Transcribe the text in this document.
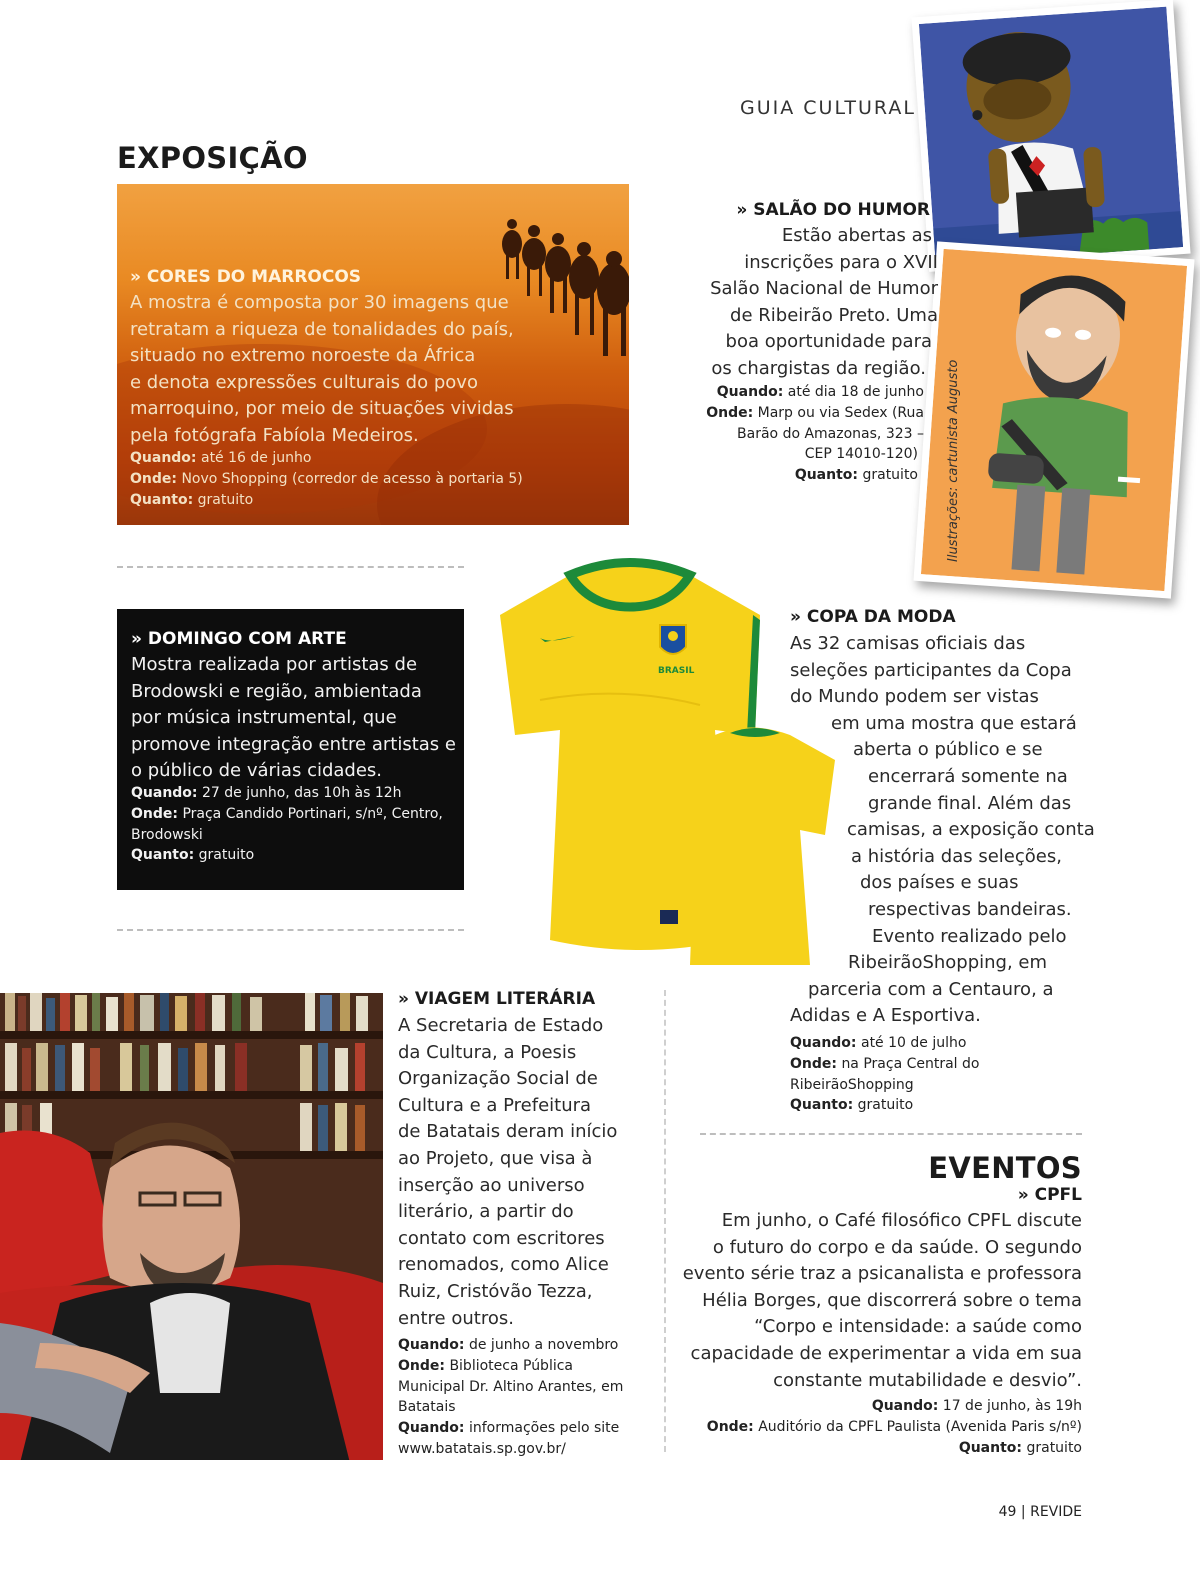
GUIA CULTURAL
EXPOSIÇÃO
Ilustrações: cartunista Augusto
» CORES DO MARROCOS
A mostra é composta por 30 imagens que
retratam a riqueza de tonalidades do país,
situado no extremo noroeste da África
e denota expressões culturais do povo
marroquino, por meio de situações vividas
pela fotógrafa Fabíola Medeiros.
Quando: até 16 de junho
Onde: Novo Shopping (corredor de acesso à portaria 5)
Quanto: gratuito
» SALÃO DO HUMOR
Estão abertas as
inscrições para o XVII
Salão Nacional de Humor
de Ribeirão Preto. Uma
boa oportunidade para
os chargistas da região.
Quando: até dia 18 de junho
Onde: Marp ou via Sedex (Rua
Barão do Amazonas, 323 –
CEP 14010-120)
Quanto: gratuito
» DOMINGO COM ARTE
Mostra realizada por artistas de
Brodowski e região, ambientada
por música instrumental, que
promove integração entre artistas e
o público de várias cidades.
Quando: 27 de junho, das 10h às 12h
Onde: Praça Candido Portinari, s/nº, Centro,
Brodowski
Quanto: gratuito
BRASIL
» COPA DA MODA
As 32 camisas oficiais das
seleções participantes da Copa
do Mundo podem ser vistas
em uma mostra que estará
aberta o público e se
encerrará somente na
grande final. Além das
camisas, a exposição conta
a história das seleções,
dos países e suas
respectivas bandeiras.
Evento realizado pelo
RibeirãoShopping, em
parceria com a Centauro, a
Adidas e A Esportiva.
Quando: até 10 de julho
Onde: na Praça Central do
RibeirãoShopping
Quanto: gratuito
» VIAGEM LITERÁRIA
A Secretaria de Estado
da Cultura, a Poesis
Organização Social de
Cultura e a Prefeitura
de Batatais deram início
ao Projeto, que visa à
inserção ao universo
literário, a partir do
contato com escritores
renomados, como Alice
Ruiz, Cristóvão Tezza,
entre outros.
Quando: de junho a novembro
Onde: Biblioteca Pública
Municipal Dr. Altino Arantes, em
Batatais
Quando: informações pelo site
www.batatais.sp.gov.br/
EVENTOS
» CPFL
Em junho, o Café filosófico CPFL discute
o futuro do corpo e da saúde. O segundo
evento série traz a psicanalista e professora
Hélia Borges, que discorrerá sobre o tema
“Corpo e intensidade: a saúde como
capacidade de experimentar a vida em sua
constante mutabilidade e desvio”.
Quando: 17 de junho, às 19h
Onde: Auditório da CPFL Paulista (Avenida Paris s/nº)
Quanto: gratuito
49 | REVIDE
